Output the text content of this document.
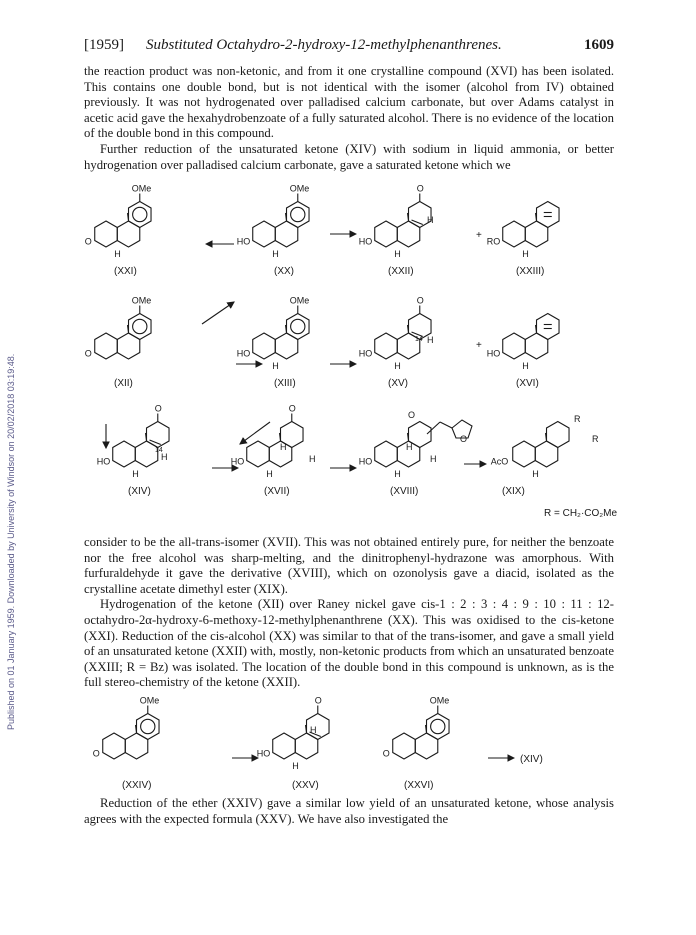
Published on 01 January 1959. Downloaded by University of Windsor on 20/02/2018 03:19:48.
[1959] Substituted Octahydro-2-hydroxy-12-methylphenanthrenes.	1609

the reaction product was non-ketonic, and from it one crystalline compound (XVI) has been isolated. This contains one double bond, but is not identical with the isomer (alcohol from IV) obtained previously. It was not hydrogenated over palladised calcium carbonate, but over Adams catalyst in acetic acid gave the hexahydrobenzoate of a fully saturated alcohol. There is no evidence of the location of the double bond in this compound.

Further reduction of the unsaturated ketone (XIV) with sodium in liquid ammonia, or better hydrogenation over palladised calcium carbonate, gave a saturated ketone which we

OMe
O
H
(XXI)
OMe
HO
H
(XX)
O
HO
H
(XXII)
RO
H
(XXIII)
OMe
O
(XII)
OMe
HO
H
(XIII)
O
HO
H
(XV)
HO
H
(XVI)
O
HO
H
(XIV)
O
HO
H
(XVII)
HO
H
(XVIII)
AcO
H
(XIX)
+
+
H
H
14
14
H
H
H
H
H
O
O
R
R
R = CH₂·CO₂Me

consider to be the all-trans-isomer (XVII). This was not obtained entirely pure, for neither the benzoate nor the free alcohol was sharp-melting, and the dinitrophenyl-hydrazone was amorphous. With furfuraldehyde it gave the derivative (XVIII), which on ozonolysis gave a diacid, isolated as the crystalline acetate dimethyl ester (XIX).

Hydrogenation of the ketone (XII) over Raney nickel gave cis-1 : 2 : 3 : 4 : 9 : 10 : 11 : 12-octahydro-2α-hydroxy-6-methoxy-12-methylphenanthrene (XX). This was oxidised to the cis-ketone (XXI). Reduction of the cis-alcohol (XX) was similar to that of the trans-isomer, and gave a small yield of an unsaturated ketone (XXII) with, mostly, non-ketonic products from which an unsaturated benzoate (XXIII; R = Bz) was isolated. The location of the double bond in this compound is unknown, as is the full stereo-chemistry of the ketone (XXII).

OMe
O
(XXIV)
O
HO
H
(XXV)
OMe
O
(XXVI)
H
(XIV)

Reduction of the ether (XXIV) gave a similar low yield of an unsaturated ketone, whose analysis agrees with the expected formula (XXV). We have also investigated the
